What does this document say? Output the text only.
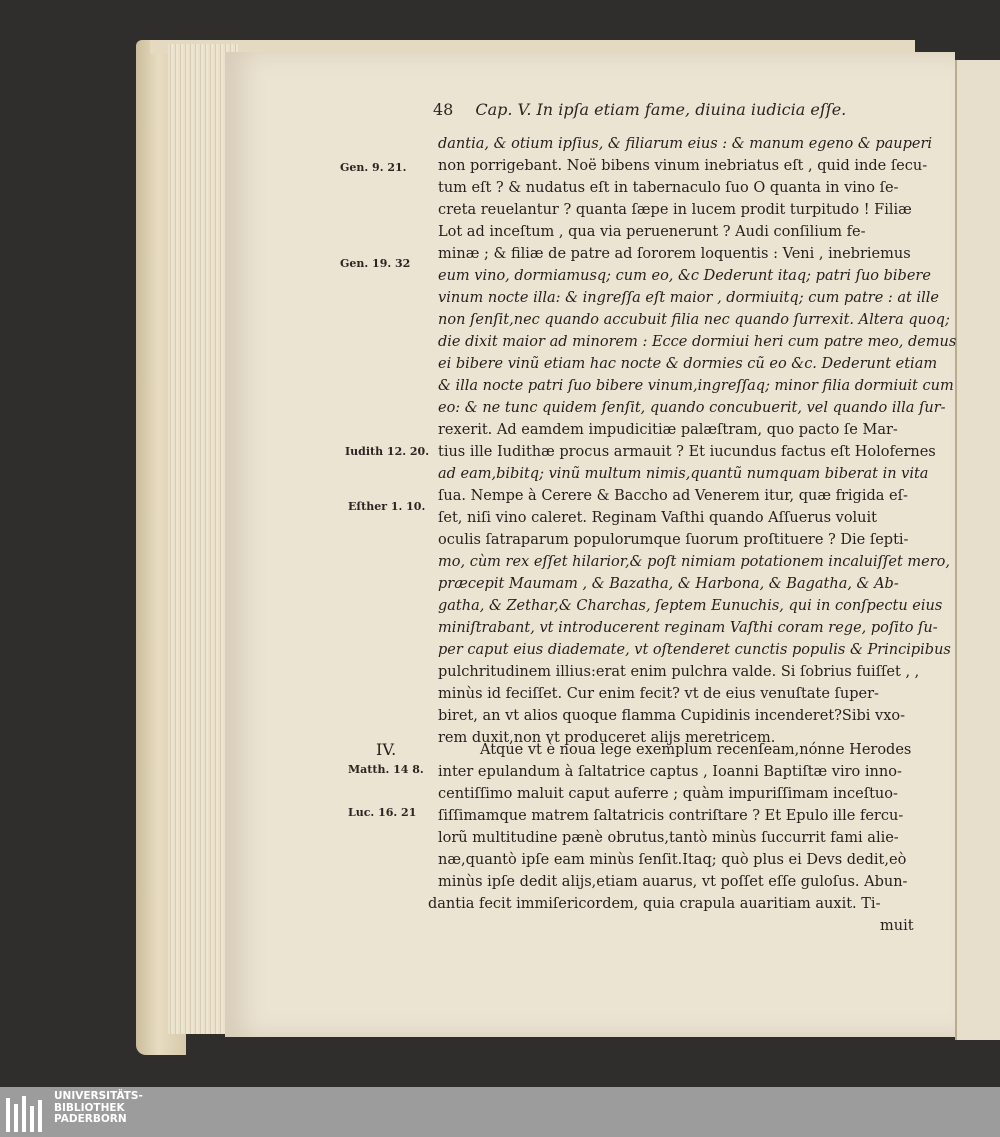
48 Cap. V. In ipſa etiam fame, diuina iudicia eſſe.
Gen. 9. 21.
Gen. 19. 32
Iudith 12. 20.
Eſther 1. 10.
Matth. 14 8.
Luc. 16. 21
IV.
dantia, & otium ipſius, & filiarum eius : & manum egeno & pauperi
non porrigebant. Noë bibens vinum inebriatus eſt , quid inde ſecu-
tum eſt ? & nudatus eſt in tabernaculo ſuo O quanta in vino ſe-
creta reuelantur ? quanta ſæpe in lucem prodit turpitudo ! Filiæ
Lot ad inceſtum , qua via peruenerunt ? Audi conſilium fe-
minæ ; & filiæ de patre ad ſororem loquentis : Veni , inebriemus
eum vino, dormiamusq; cum eo, &c Dederunt itaq; patri ſuo bibere
vinum nocte illa: & ingreſſa eſt maior , dormiuitq; cum patre : at ille
non ſenſit,nec quando accubuit filia nec quando ſurrexit. Altera quoq;
die dixit maior ad minorem : Ecce dormiui heri cum patre meo, demus
ei bibere vinũ etiam hac nocte & dormies cũ eo &c. Dederunt etiam
& illa nocte patri ſuo bibere vinum,ingreſſaq; minor filia dormiuit cum
eo: & ne tunc quidem ſenſit, quando concubuerit, vel quando illa ſur-
rexerit. Ad eamdem impudicitiæ palæſtram, quo pacto ſe Mar-
tius ille Iudithæ procus armauit ? Et iucundus factus eſt Holofernes
ad eam,bibitq; vinũ multum nimis,quantũ numquam biberat in vita
ſua. Nempe à Cerere & Baccho ad Venerem itur, quæ frigida eſ-
ſet, niſi vino caleret. Reginam Vaſthi quando Aſſuerus voluit
oculis ſatraparum populorumque ſuorum proſtituere ? Die ſepti-
mo, cùm rex eſſet hilarior,& poſt nimiam potationem incaluiſſet mero,
præcepit Maumam , & Bazatha, & Harbona, & Bagatha, & Ab-
gatha, & Zethar,& Charchas, ſeptem Eunuchis, qui in conſpectu eius
miniſtrabant, vt introducerent reginam Vaſthi coram rege, poſito ſu-
per caput eius diademate, vt oſtenderet cunctis populis & Principibus
pulchritudinem illius:erat enim pulchra valde. Si ſobrius fuiſſet , ,
minùs id feciſſet. Cur enim fecit? vt de eius venuſtate ſuper-
biret, an vt alios quoque flamma Cupidinis incenderet?Sibi vxo-
rem duxit,non vt produceret alijs meretricem.
Atque vt è noua lege exemplum recenſeam,nónne Herodes
inter epulandum à ſaltatrice captus , Ioanni Baptiſtæ viro inno-
centiſſimo maluit caput auferre ; quàm impuriſſimam inceſtuo-
ſiſſimamque matrem ſaltatricis contriſtare ? Et Epulo ille fercu-
lorũ multitudine pænè obrutus,tantò minùs ſuccurrit fami alie-
næ,quantò ipſe eam minùs ſenſit.Itaq; quò plus ei Devs dedit,eò
minùs ipſe dedit alijs,etiam auarus, vt poſſet eſſe guloſus. Abun-
dantia fecit immiſericordem, quia crapula auaritiam auxit. Ti-
muit
UNIVERSITÄTS-
BIBLIOTHEK
PADERBORN
